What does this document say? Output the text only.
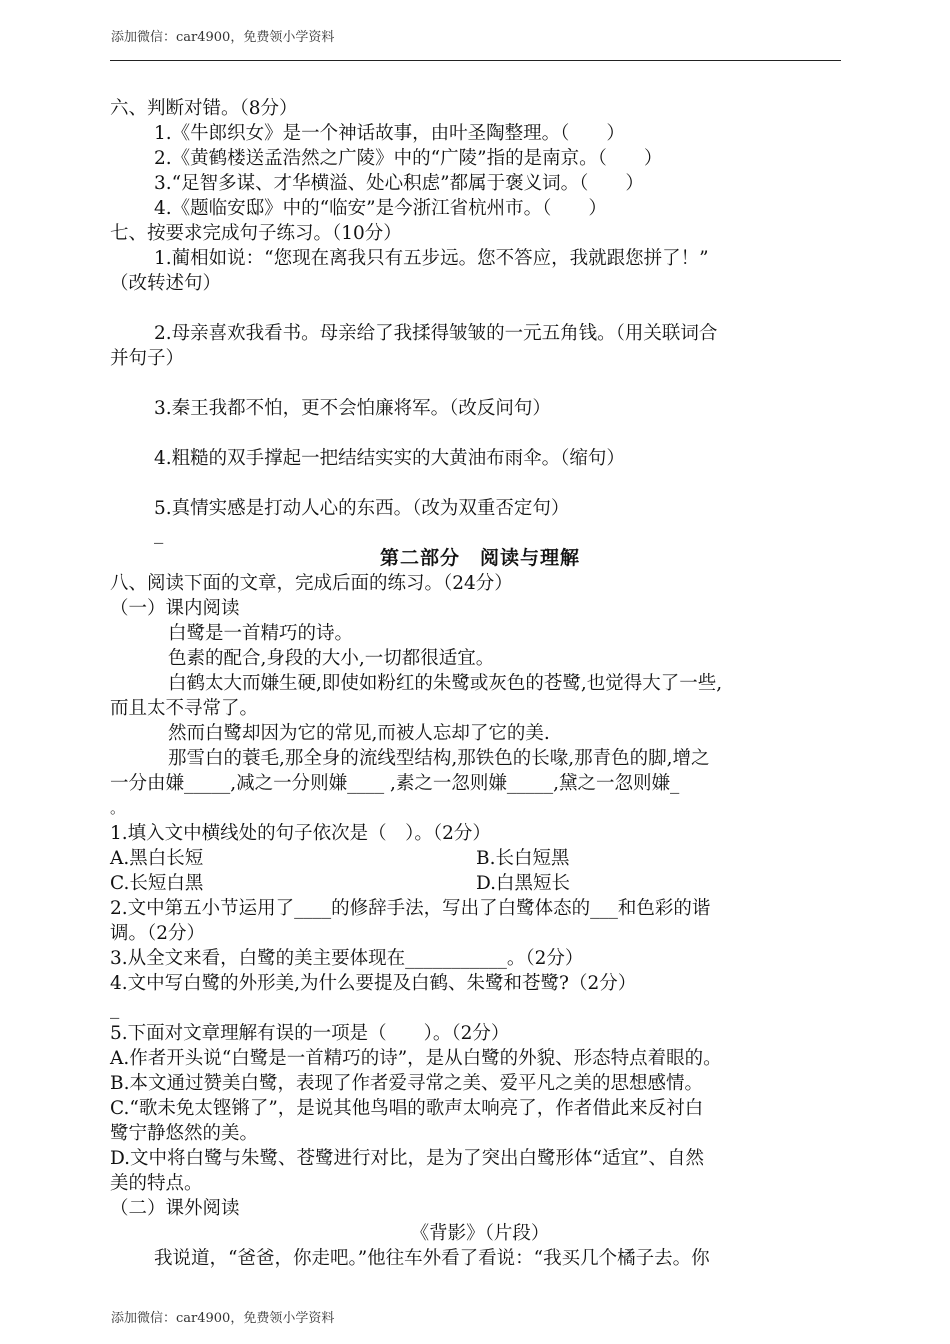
添加微信：car4900，免费领小学资料
六、判断对错。（8分）
1.《牛郎织女》是一个神话故事，由叶圣陶整理。（　　）
2.《黄鹤楼送孟浩然之广陵》中的“广陵”指的是南京。（　　）
3.“足智多谋、才华横溢、处心积虑”都属于褒义词。（　　）
4.《题临安邸》中的“临安”是今浙江省杭州市。（　　）
七、按要求完成句子练习。（10分）
1.蔺相如说：“您现在离我只有五步远。您不答应，我就跟您拼了！”
（改转述句）
2.母亲喜欢我看书。母亲给了我揉得皱皱的一元五角钱。（用关联词合
并句子）
3.秦王我都不怕，更不会怕廉将军。（改反问句）
4.粗糙的双手撑起一把结结实实的大黄油布雨伞。（缩句）
5.真情实感是打动人心的东西。（改为双重否定句）
_
第二部分　阅读与理解
八、阅读下面的文章，完成后面的练习。（24分）
（一）课内阅读
白鹭是一首精巧的诗。
色素的配合,身段的大小,一切都很适宜。
白鹤太大而嫌生硬,即使如粉红的朱鹭或灰色的苍鹭,也觉得大了一些,
而且太不寻常了。
然而白鹭却因为它的常见,而被人忘却了它的美.
那雪白的蓑毛,那全身的流线型结构,那铁色的长喙,那青色的脚,增之
一分由嫌_____,减之一分则嫌____ ,素之一忽则嫌_____,黛之一忽则嫌_
。
1.填入文中横线处的句子依次是（　）。（2分）
A.黑白长短	B.长白短黑
C.长短白黑	D.白黑短长
2.文中第五小节运用了____的修辞手法，写出了白鹭体态的___和色彩的谐
调。（2分）
3.从全文来看，白鹭的美主要体现在___________。（2分）
4.文中写白鹭的外形美,为什么要提及白鹤、朱鹭和苍鹭?（2分）
_
5.下面对文章理解有误的一项是（　　）。（2分）
A.作者开头说“白鹭是一首精巧的诗”，是从白鹭的外貌、形态特点着眼的。
B.本文通过赞美白鹭，表现了作者爱寻常之美、爱平凡之美的思想感情。
C.“歌未免太铿锵了”，是说其他鸟唱的歌声太响亮了，作者借此来反衬白
鹭宁静悠然的美。
D.文中将白鹭与朱鹭、苍鹭进行对比，是为了突出白鹭形体“适宜”、自然
美的特点。
（二）课外阅读
《背影》（片段）
我说道，“爸爸，你走吧。”他往车外看了看说：“我买几个橘子去。你
添加微信：car4900，免费领小学资料
